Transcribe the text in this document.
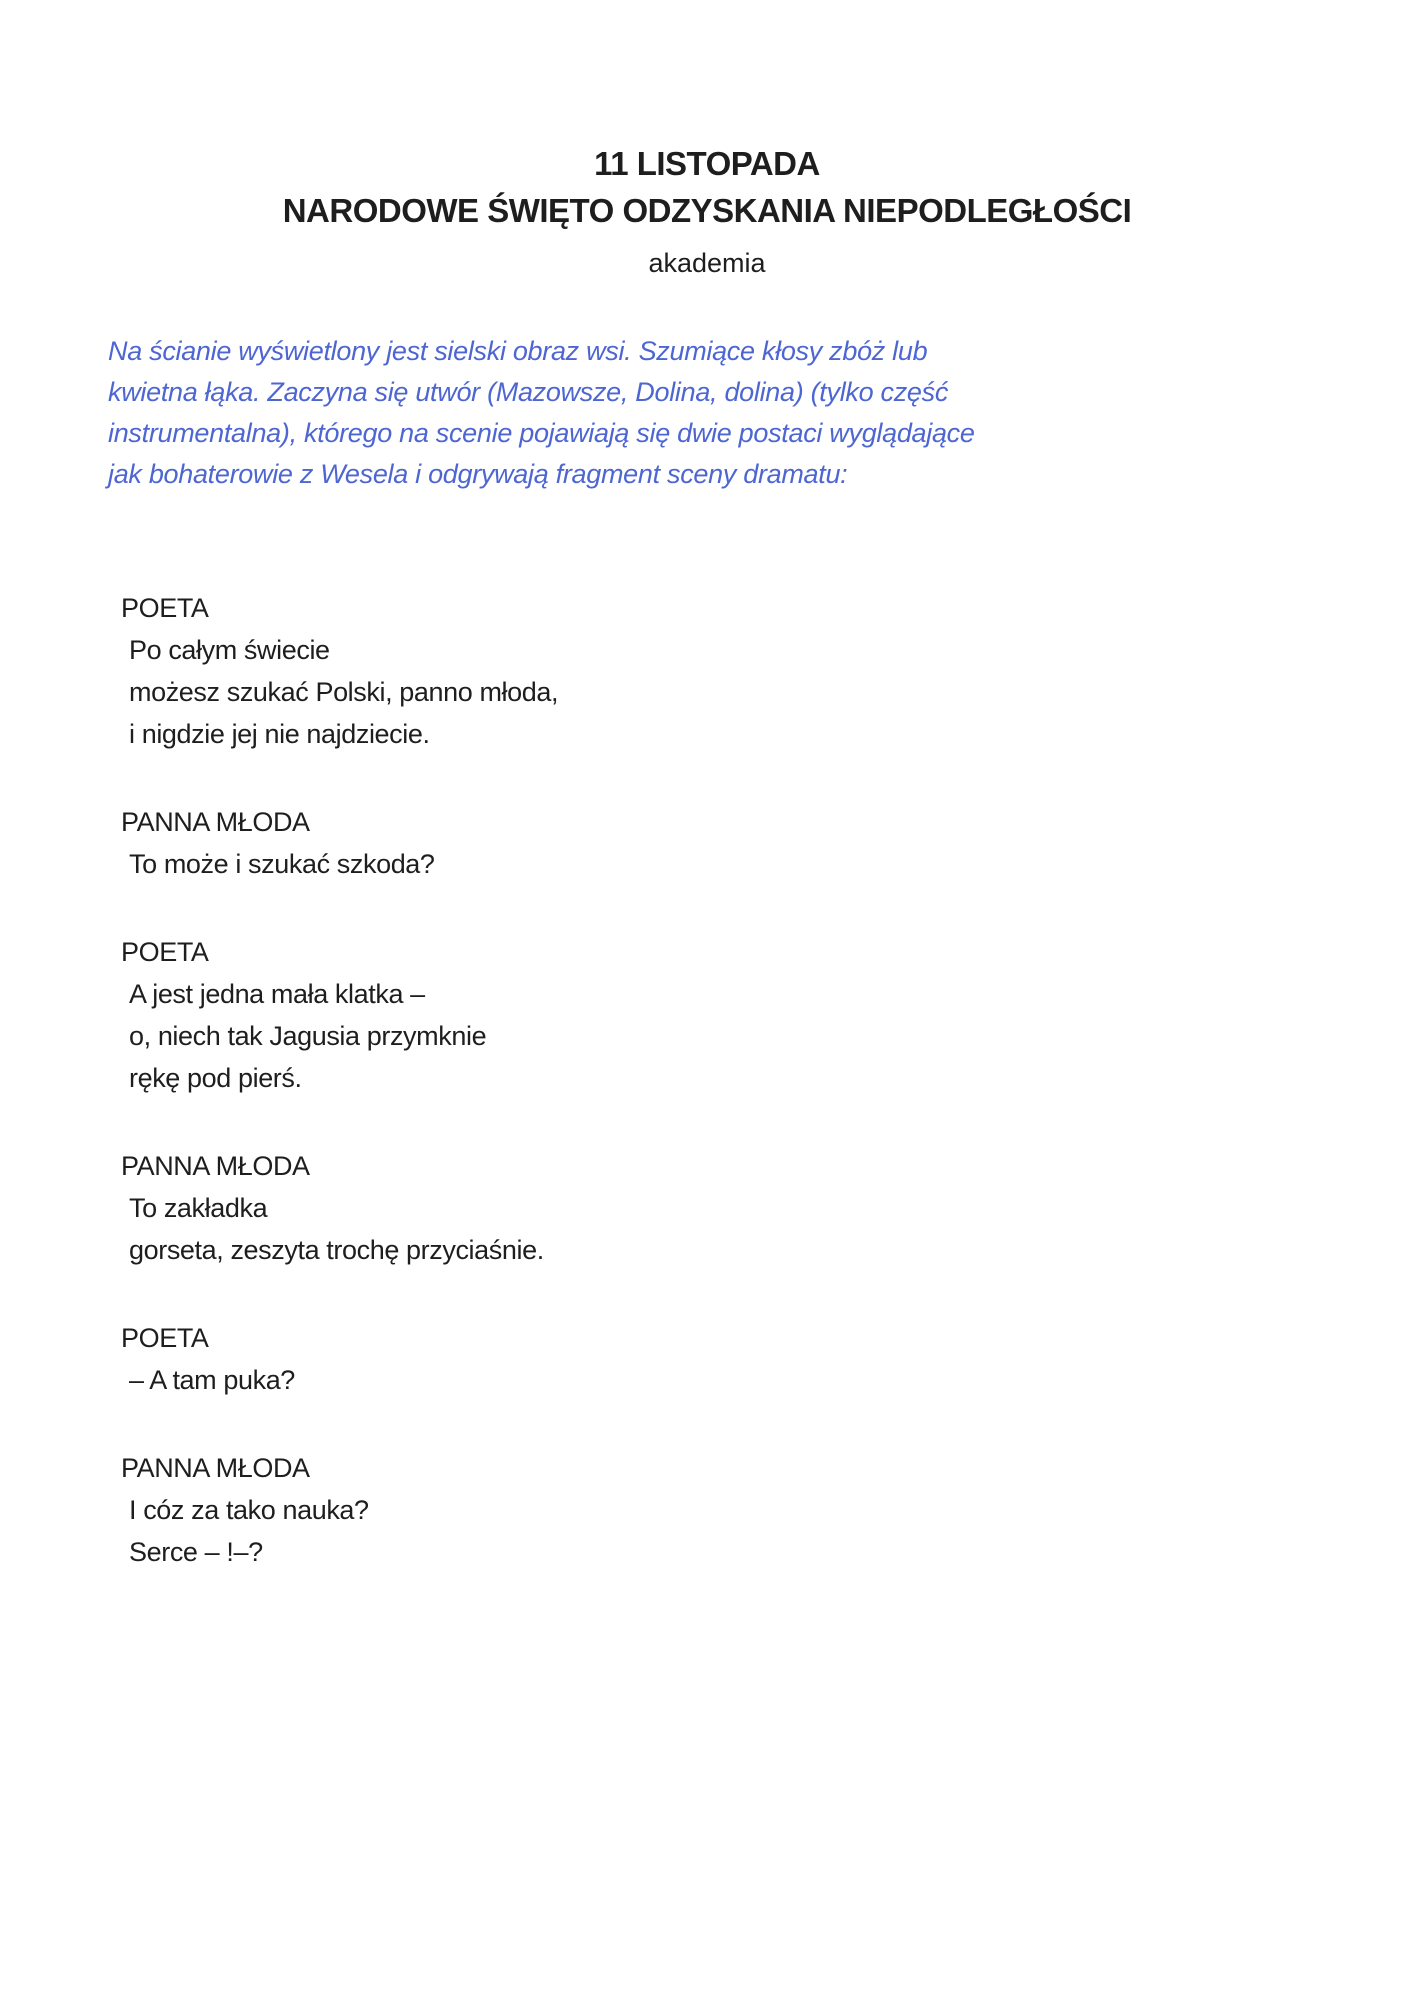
11 LISTOPADA
NARODOWE ŚWIĘTO ODZYSKANIA NIEPODLEGŁOŚCI
akademia

Na ścianie wyświetlony jest sielski obraz wsi. Szumiące kłosy zbóż lub

kwietna łąka. Zaczyna się utwór (Mazowsze, Dolina, dolina) (tylko część

instrumentalna), którego na scenie pojawiają się dwie postaci wyglądające

jak bohaterowie z Wesela i odgrywają fragment sceny dramatu:

POETA
Po całym świecie
możesz szukać Polski, panno młoda,
i nigdzie jej nie najdziecie.
PANNA MŁODA
To może i szukać szkoda?
POETA
A jest jedna mała klatka –
o, niech tak Jagusia przymknie
rękę pod pierś.
PANNA MŁODA
To zakładka
gorseta, zeszyta trochę przyciaśnie.
POETA
– A tam puka?
PANNA MŁODA
I cóz za tako nauka?
Serce – !–?
